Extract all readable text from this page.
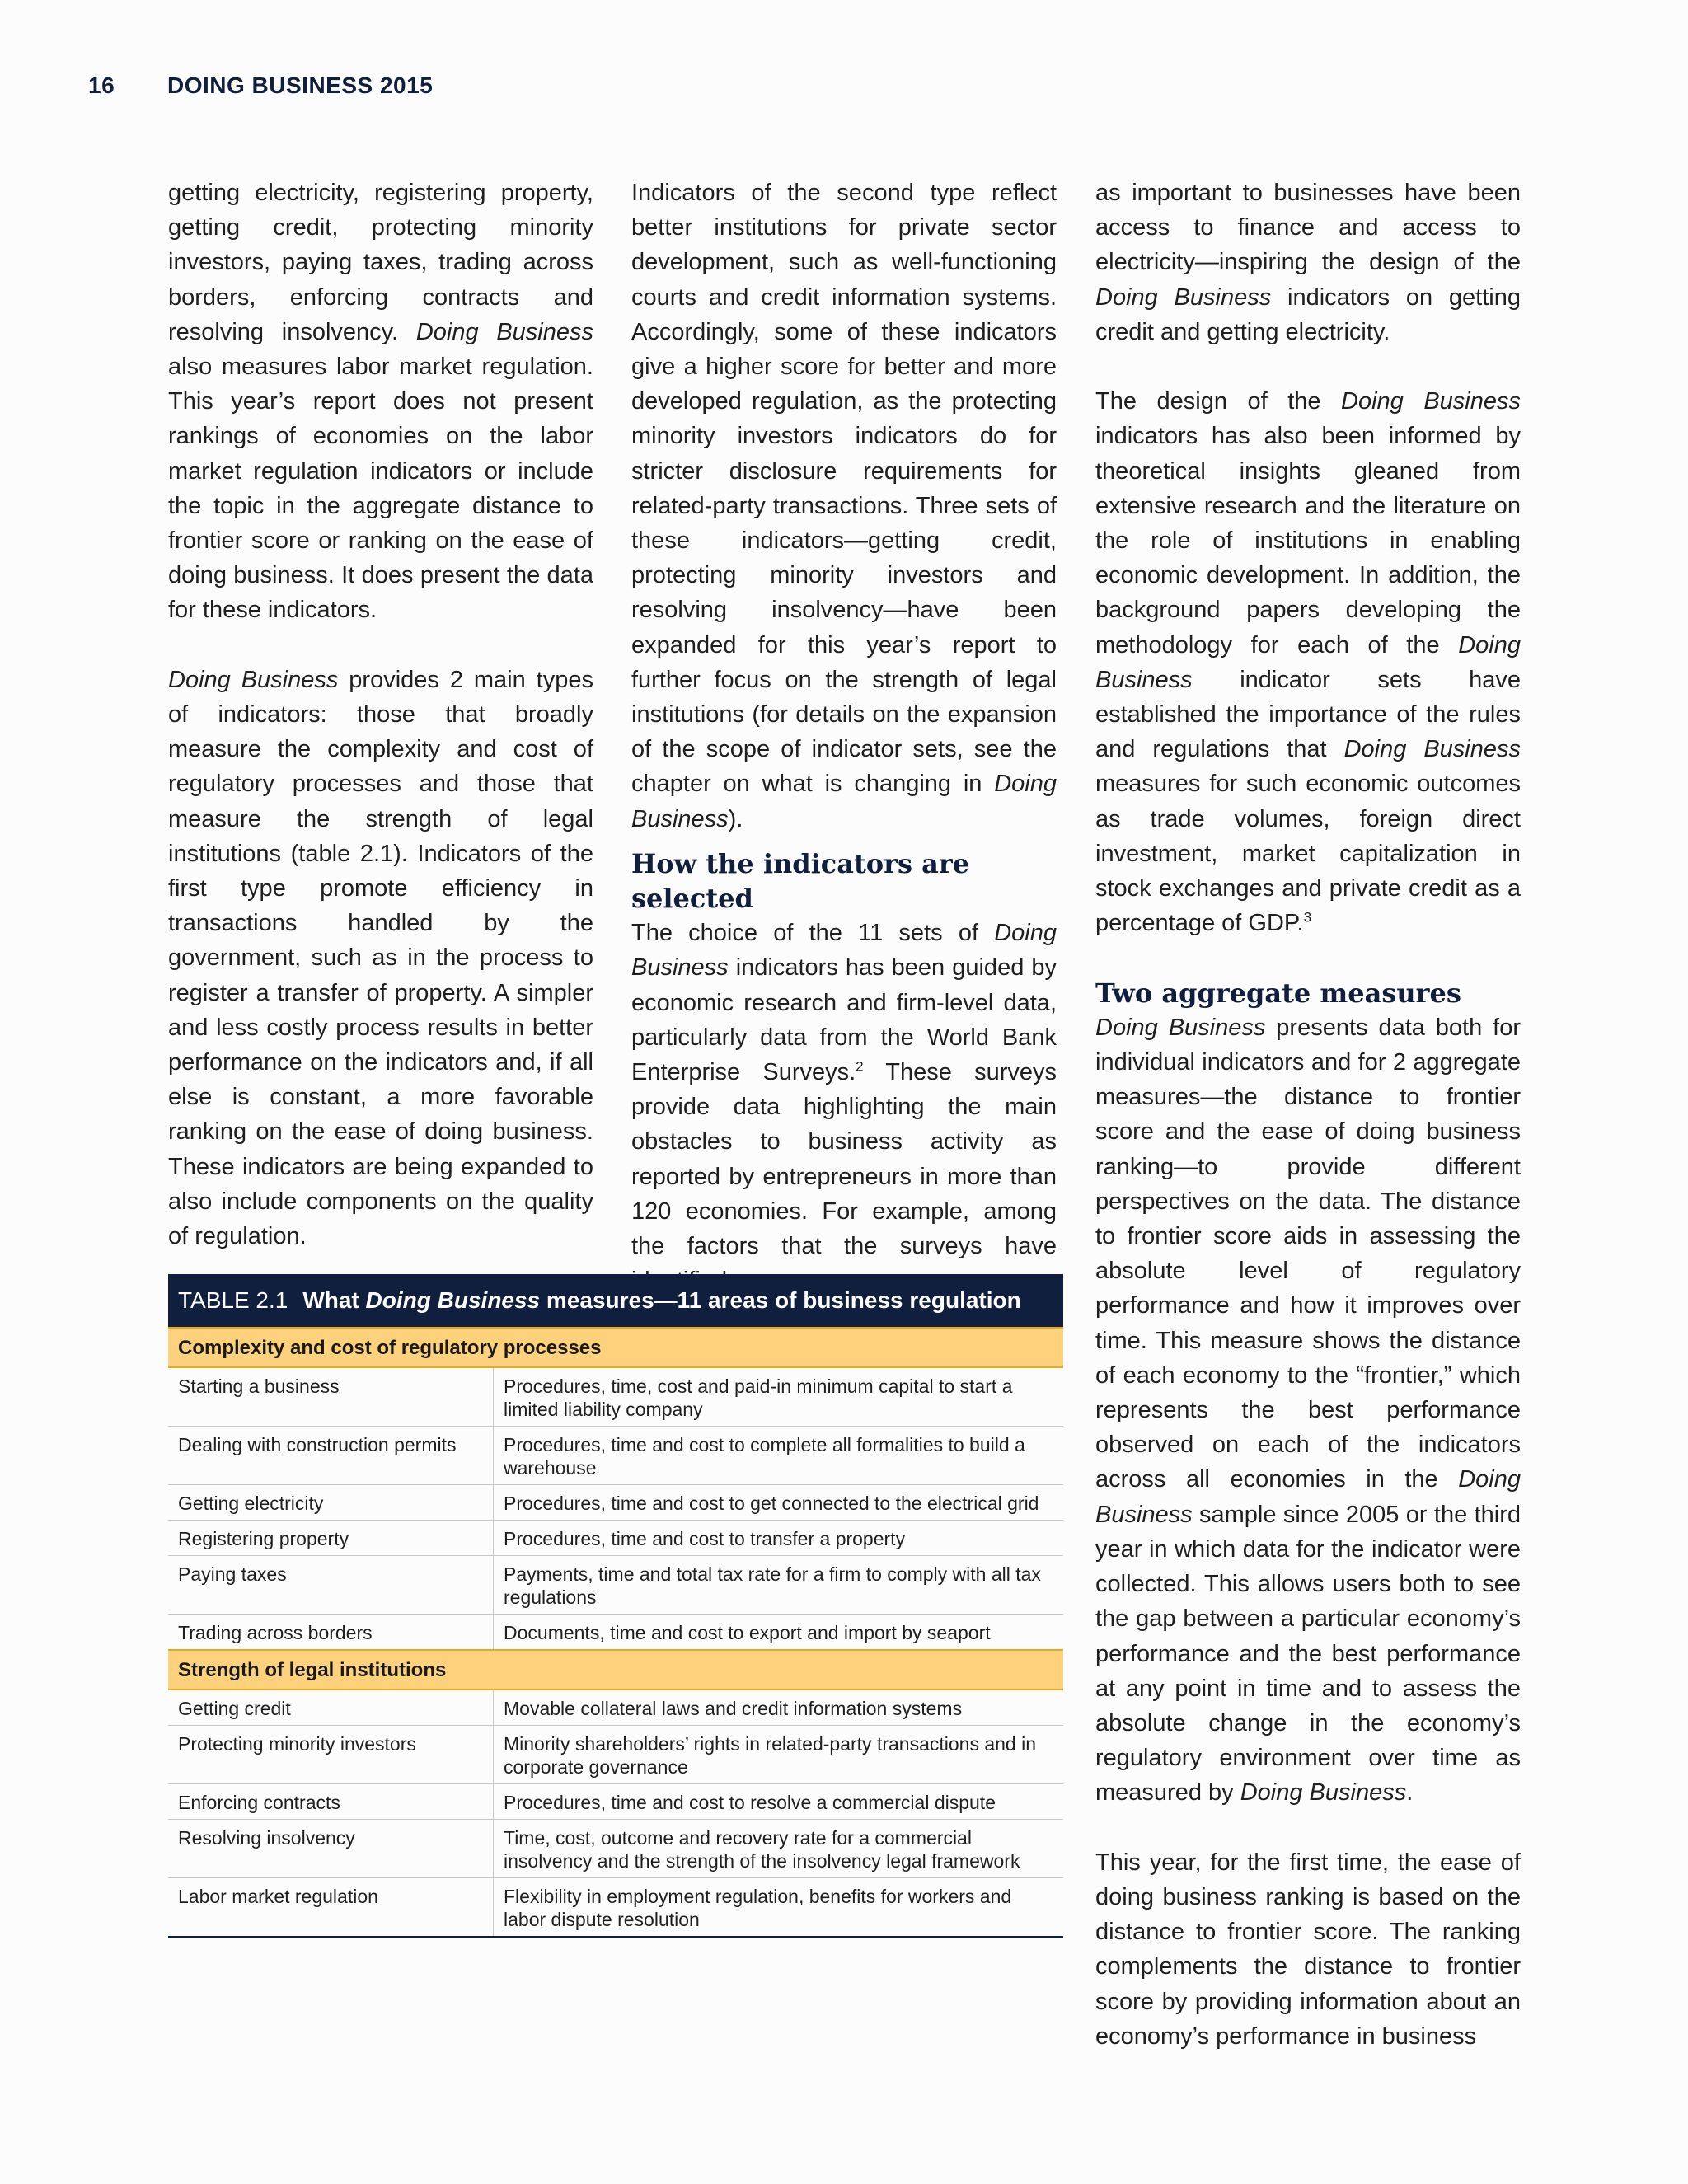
16 DOING BUSINESS 2015

getting electricity, registering property, getting credit, protecting minority investors, paying taxes, trading across borders, enforcing contracts and resolving insolvency. Doing Business also measures labor market regulation. This year’s report does not present rankings of economies on the labor market regulation indicators or include the topic in the aggregate distance to frontier score or ranking on the ease of doing business. It does present the data for these indicators.

Doing Business provides 2 main types of indicators: those that broadly measure the complexity and cost of regulatory processes and those that measure the strength of legal institutions (table 2.1). Indicators of the first type promote efficiency in transactions handled by the government, such as in the process to register a transfer of property. A simpler and less costly process results in better performance on the indicators and, if all else is constant, a more favorable ranking on the ease of doing business. These indicators are being expanded to also include components on the quality of regulation.

Indicators of the second type reflect better institutions for private sector development, such as well-functioning courts and credit information systems. Accordingly, some of these indicators give a higher score for better and more developed regulation, as the protecting minority investors indicators do for stricter disclosure requirements for related-party transactions. Three sets of these indicators—getting credit, protecting minority investors and resolving insolvency—have been expanded for this year’s report to further focus on the strength of legal institutions (for details on the expansion of the scope of indicator sets, see the chapter on what is changing in Doing Business).

How the indicators are selected

The choice of the 11 sets of Doing Business indicators has been guided by economic research and firm-level data, particularly data from the World Bank Enterprise Surveys.$^2$ These surveys provide data highlighting the main obstacles to business activity as reported by entrepreneurs in more than 120 economies. For example, among the factors that the surveys have

as important to businesses have been access to finance and access to electricity—inspiring the design of the Doing Business indicators on getting credit and getting electricity.

The design of the Doing Business indicators has also been informed by theoretical insights gleaned from extensive research and the literature on the role of institutions in enabling economic development. In addition, the background papers developing the methodology for each of the Doing Business indicator sets have established the importance of the rules and regulations that Doing Business measures for such economic outcomes as trade volumes, foreign direct investment, market capitalization in stock exchanges and private credit as a percentage of GDP.$^3$

Two aggregate measures

Doing Business presents data both for individual indicators and for 2 aggregate measures—the distance to frontier score and the ease of doing business ranking—to provide different perspectives on the data. The distance to frontier score aids in assessing the absolute level of regulatory performance and how it improves over time. This measure shows the distance of each economy to the “frontier,” which represents the best performance observed on each of the indicators across all economies in the Doing Business sample since 2005 or the third year in which data for the indicator were collected. This allows users both to see the gap between a particular economy’s performance and the best performance at any point in time and to assess the absolute change in the economy’s regulatory environment over time as measured by Doing Business.

This year, for the first time, the ease of doing business ranking is based on the distance to frontier score. The ranking complements the distance to frontier score by providing information about an economy’s performance in business

TABLE 2.1 What Doing Business measures—11 areas of business regulation
Complexity and cost of regulatory processes	
Starting a business	Procedures, time, cost and paid-in minimum capital to start a limited liability company
Dealing with construction permits	Procedures, time and cost to complete all formalities to build a warehouse
Getting electricity	Procedures, time and cost to get connected to the electrical grid
Registering property	Procedures, time and cost to transfer a property
Paying taxes	Payments, time and total tax rate for a firm to comply with all tax regulations
Trading across borders	Documents, time and cost to export and import by seaport
Strength of legal institutions	
Getting credit	Movable collateral laws and credit information systems
Protecting minority investors	Minority shareholders’ rights in related-party transactions and in corporate governance
Enforcing contracts	Procedures, time and cost to resolve a commercial dispute
Resolving insolvency	Time, cost, outcome and recovery rate for a commercial insolvency and the strength of the insolvency legal framework
Labor market regulation	Flexibility in employment regulation, benefits for workers and labor dispute resolution
